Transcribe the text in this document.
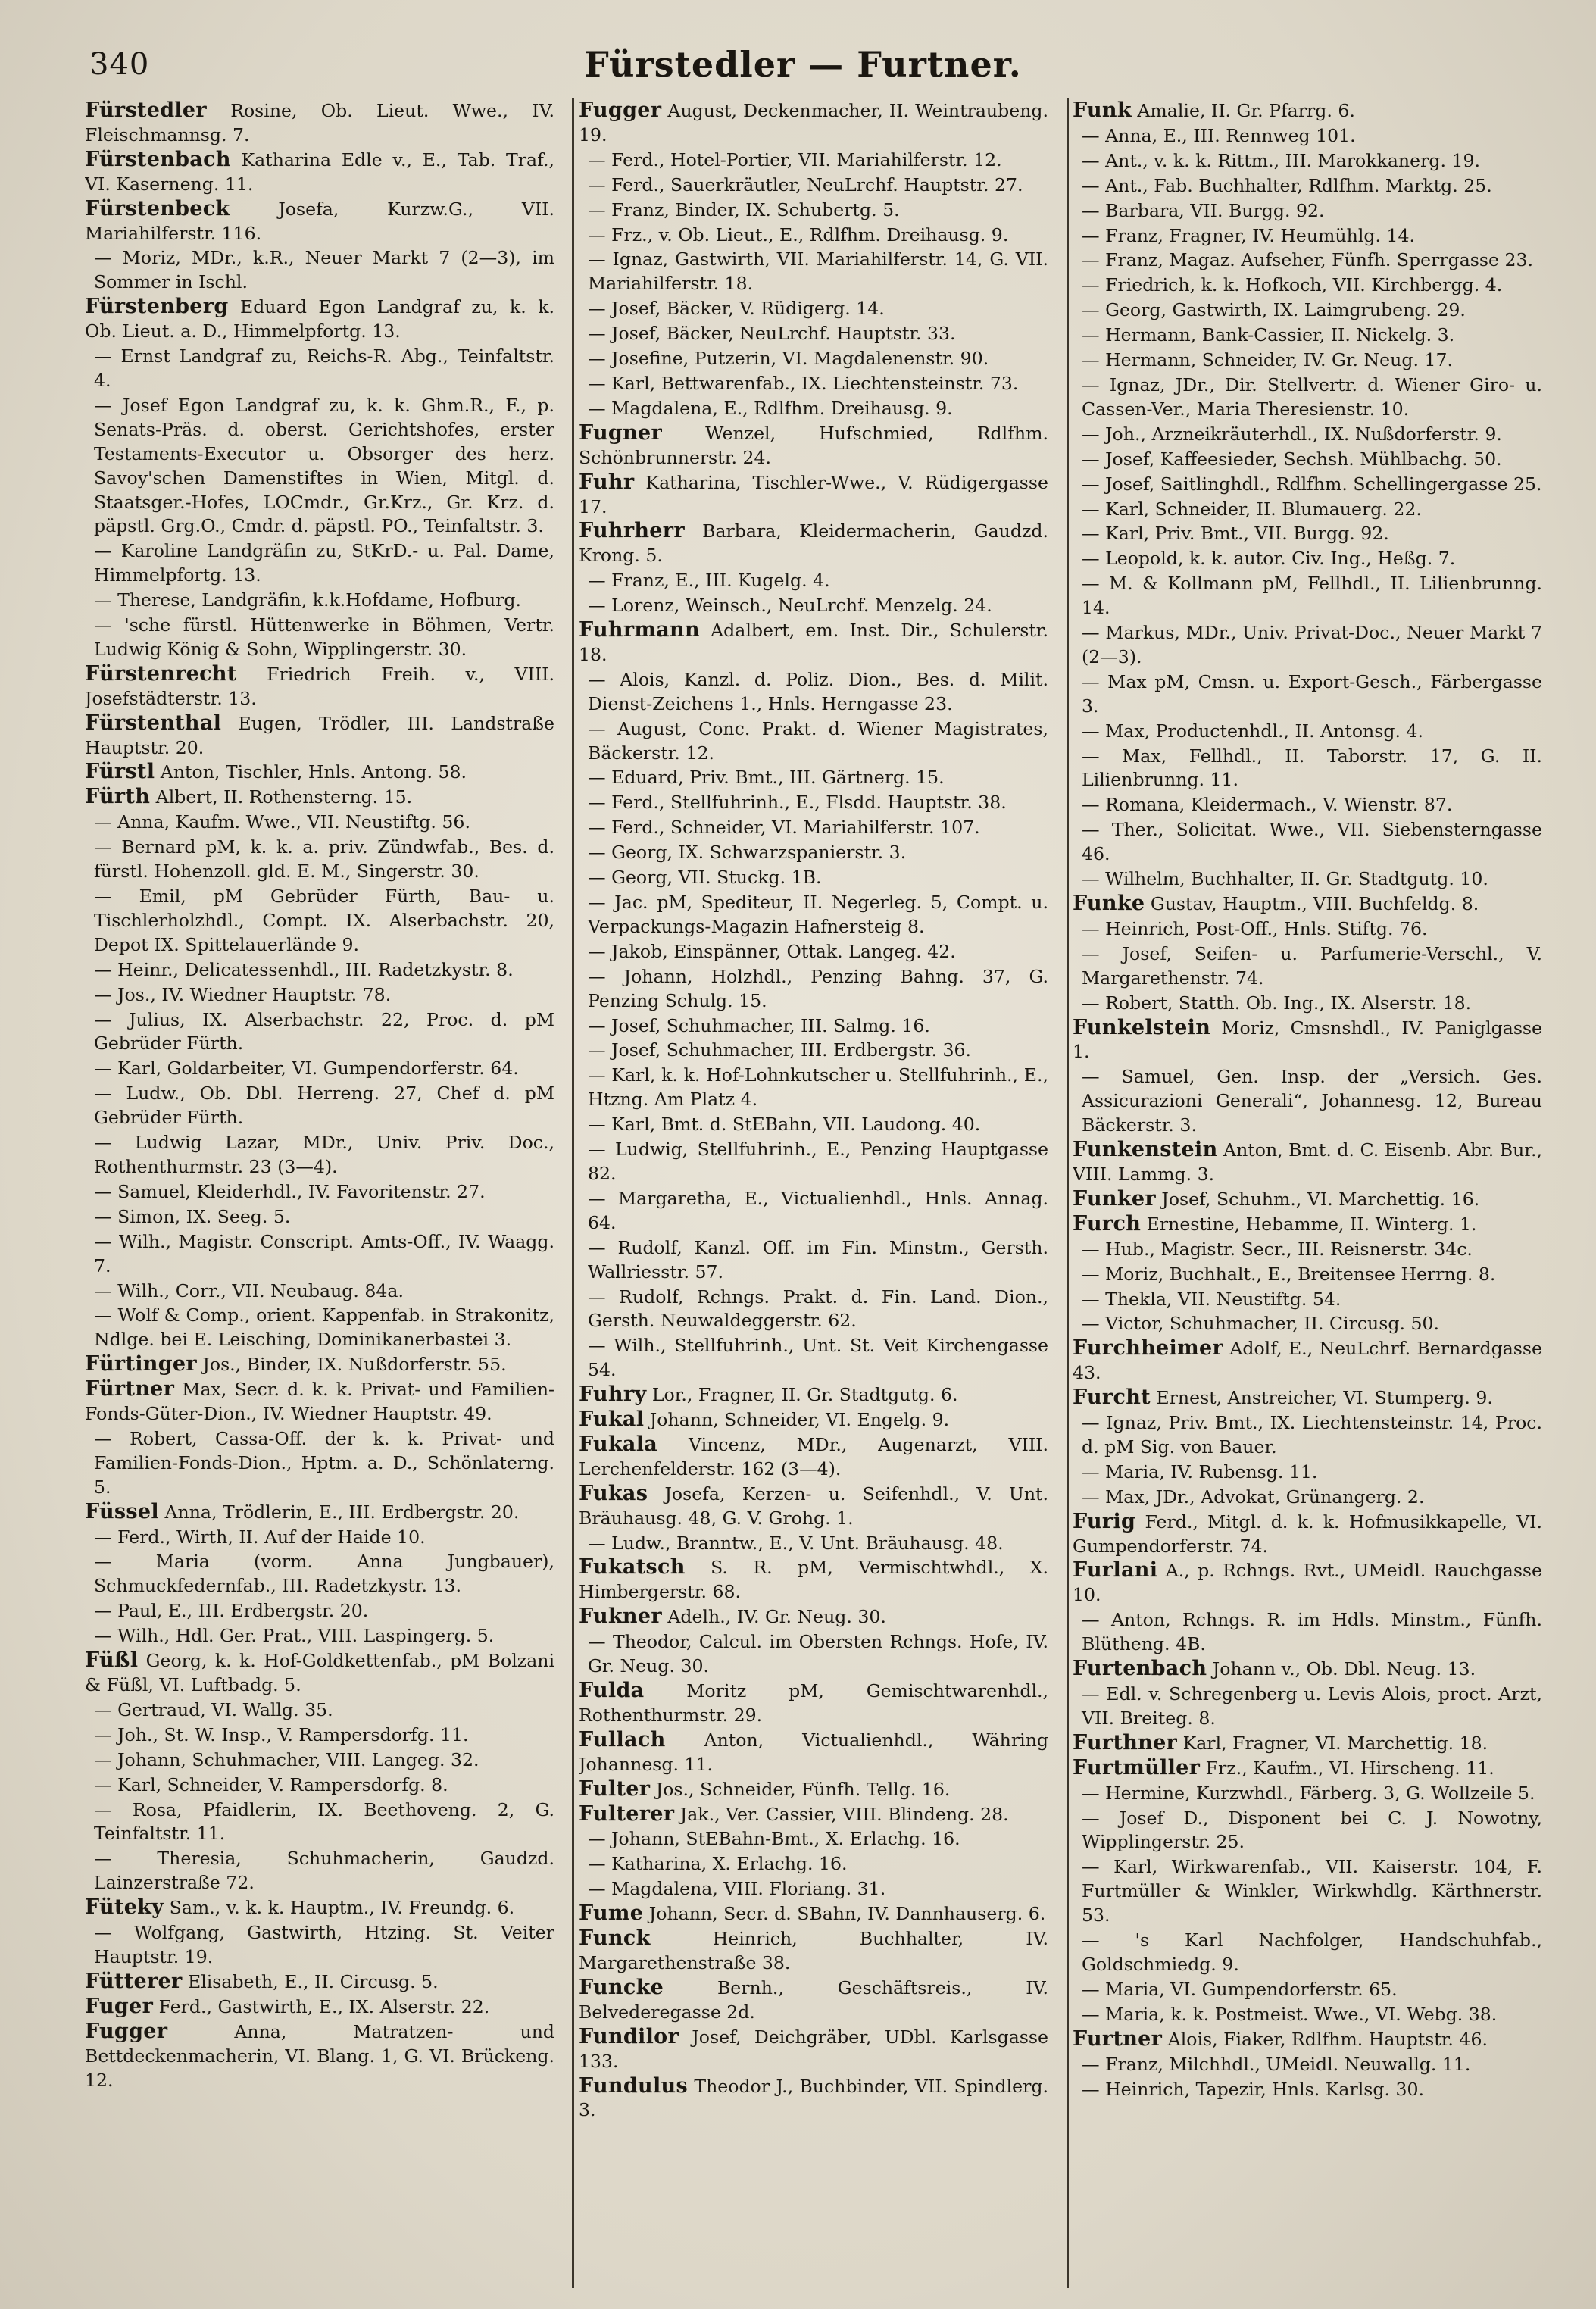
340	Fürstedler — Furtner.
Fürstedler Rosine, Ob. Lieut. Wwe., IV. Fleischmannsg. 7.
Fürstenbach Katharina Edle v., E., Tab. Traf., VI. Kaserneng. 11.
Fürstenbeck Josefa, Kurzw.G., VII. Mariahilferstr. 116.
— Moriz, MDr., k.R., Neuer Markt 7 (2—3), im Sommer in Ischl.
Fürstenberg Eduard Egon Landgraf zu, k. k. Ob. Lieut. a. D., Himmelpfortg. 13.
— Ernst Landgraf zu, Reichs-R. Abg., Teinfaltstr. 4.
— Josef Egon Landgraf zu, k. k. Ghm.R., F., p. Senats-Präs. d. oberst. Gerichtshofes, erster Testaments-Executor u. Obsorger des herz. Savoy'schen Damenstiftes in Wien, Mitgl. d. Staatsger.-Hofes, LOCmdr., Gr.Krz., Gr. Krz. d. päpstl. Grg.O., Cmdr. d. päpstl. PO., Teinfaltstr. 3.
— Karoline Landgräfin zu, StKrD.- u. Pal. Dame, Himmelpfortg. 13.
— Therese, Landgräfin, k.k.Hofdame, Hofburg.
— 'sche fürstl. Hüttenwerke in Böhmen, Vertr. Ludwig König & Sohn, Wipplingerstr. 30.
Fürstenrecht Friedrich Freih. v., VIII. Josefstädterstr. 13.
Fürstenthal Eugen, Trödler, III. Landstraße Hauptstr. 20.
Fürstl Anton, Tischler, Hnls. Antong. 58.
Fürth Albert, II. Rothensterng. 15.
— Anna, Kaufm. Wwe., VII. Neustiftg. 56.
— Bernard pM, k. k. a. priv. Zündwfab., Bes. d. fürstl. Hohenzoll. gld. E. M., Singerstr. 30.
— Emil, pM Gebrüder Fürth, Bau- u. Tischlerholzhdl., Compt. IX. Alserbachstr. 20, Depot IX. Spittelauerlände 9.
— Heinr., Delicatessenhdl., III. Radetzkystr. 8.
— Jos., IV. Wiedner Hauptstr. 78.
— Julius, IX. Alserbachstr. 22, Proc. d. pM Gebrüder Fürth.
— Karl, Goldarbeiter, VI. Gumpendorferstr. 64.
— Ludw., Ob. Dbl. Herreng. 27, Chef d. pM Gebrüder Fürth.
— Ludwig Lazar, MDr., Univ. Priv. Doc., Rothenthurmstr. 23 (3—4).
— Samuel, Kleiderhdl., IV. Favoritenstr. 27.
— Simon, IX. Seeg. 5.
— Wilh., Magistr. Conscript. Amts-Off., IV. Waagg. 7.
— Wilh., Corr., VII. Neubaug. 84a.
— Wolf & Comp., orient. Kappenfab. in Strakonitz, Ndlge. bei E. Leisching, Dominikanerbastei 3.
Fürtinger Jos., Binder, IX. Nußdorferstr. 55.
Fürtner Max, Secr. d. k. k. Privat- und Familien-Fonds-Güter-Dion., IV. Wiedner Hauptstr. 49.
— Robert, Cassa-Off. der k. k. Privat- und Familien-Fonds-Dion., Hptm. a. D., Schönlaterng. 5.
Füssel Anna, Trödlerin, E., III. Erdbergstr. 20.
— Ferd., Wirth, II. Auf der Haide 10.
— Maria (vorm. Anna Jungbauer), Schmuckfedernfab., III. Radetzkystr. 13.
— Paul, E., III. Erdbergstr. 20.
— Wilh., Hdl. Ger. Prat., VIII. Laspingerg. 5.
Füßl Georg, k. k. Hof-Goldkettenfab., pM Bolzani & Füßl, VI. Luftbadg. 5.
— Gertraud, VI. Wallg. 35.
— Joh., St. W. Insp., V. Rampersdorfg. 11.
— Johann, Schuhmacher, VIII. Langeg. 32.
— Karl, Schneider, V. Rampersdorfg. 8.
— Rosa, Pfaidlerin, IX. Beethoveng. 2, G. Teinfaltstr. 11.
— Theresia, Schuhmacherin, Gaudzd. Lainzerstraße 72.
Füteky Sam., v. k. k. Hauptm., IV. Freundg. 6.
— Wolfgang, Gastwirth, Htzing. St. Veiter Hauptstr. 19.
Fütterer Elisabeth, E., II. Circusg. 5.
Fuger Ferd., Gastwirth, E., IX. Alserstr. 22.
Fugger Anna, Matratzen- und Bettdeckenmacherin, VI. Blang. 1, G. VI. Brückeng. 12.
Fugger August, Deckenmacher, II. Weintraubeng. 19.
— Ferd., Hotel-Portier, VII. Mariahilferstr. 12.
— Ferd., Sauerkräutler, NeuLrchf. Hauptstr. 27.
— Franz, Binder, IX. Schubertg. 5.
— Frz., v. Ob. Lieut., E., Rdlfhm. Dreihausg. 9.
— Ignaz, Gastwirth, VII. Mariahilferstr. 14, G. VII. Mariahilferstr. 18.
— Josef, Bäcker, V. Rüdigerg. 14.
— Josef, Bäcker, NeuLrchf. Hauptstr. 33.
— Josefine, Putzerin, VI. Magdalenenstr. 90.
— Karl, Bettwarenfab., IX. Liechtensteinstr. 73.
— Magdalena, E., Rdlfhm. Dreihausg. 9.
Fugner Wenzel, Hufschmied, Rdlfhm. Schönbrunnerstr. 24.
Fuhr Katharina, Tischler-Wwe., V. Rüdigergasse 17.
Fuhrherr Barbara, Kleidermacherin, Gaudzd. Krong. 5.
— Franz, E., III. Kugelg. 4.
— Lorenz, Weinsch., NeuLrchf. Menzelg. 24.
Fuhrmann Adalbert, em. Inst. Dir., Schulerstr. 18.
— Alois, Kanzl. d. Poliz. Dion., Bes. d. Milit. Dienst-Zeichens 1., Hnls. Herngasse 23.
— August, Conc. Prakt. d. Wiener Magistrates, Bäckerstr. 12.
— Eduard, Priv. Bmt., III. Gärtnerg. 15.
— Ferd., Stellfuhrinh., E., Flsdd. Hauptstr. 38.
— Ferd., Schneider, VI. Mariahilferstr. 107.
— Georg, IX. Schwarzspanierstr. 3.
— Georg, VII. Stuckg. 1B.
— Jac. pM, Spediteur, II. Negerleg. 5, Compt. u. Verpackungs-Magazin Hafnersteig 8.
— Jakob, Einspänner, Ottak. Langeg. 42.
— Johann, Holzhdl., Penzing Bahng. 37, G. Penzing Schulg. 15.
— Josef, Schuhmacher, III. Salmg. 16.
— Josef, Schuhmacher, III. Erdbergstr. 36.
— Karl, k. k. Hof-Lohnkutscher u. Stellfuhrinh., E., Htzng. Am Platz 4.
— Karl, Bmt. d. StEBahn, VII. Laudong. 40.
— Ludwig, Stellfuhrinh., E., Penzing Hauptgasse 82.
— Margaretha, E., Victualienhdl., Hnls. Annag. 64.
— Rudolf, Kanzl. Off. im Fin. Minstm., Gersth. Wallriesstr. 57.
— Rudolf, Rchngs. Prakt. d. Fin. Land. Dion., Gersth. Neuwaldeggerstr. 62.
— Wilh., Stellfuhrinh., Unt. St. Veit Kirchengasse 54.
Fuhry Lor., Fragner, II. Gr. Stadtgutg. 6.
Fukal Johann, Schneider, VI. Engelg. 9.
Fukala Vincenz, MDr., Augenarzt, VIII. Lerchenfelderstr. 162 (3—4).
Fukas Josefa, Kerzen- u. Seifenhdl., V. Unt. Bräuhausg. 48, G. V. Grohg. 1.
— Ludw., Branntw., E., V. Unt. Bräuhausg. 48.
Fukatsch S. R. pM, Vermischtwhdl., X. Himbergerstr. 68.
Fukner Adelh., IV. Gr. Neug. 30.
— Theodor, Calcul. im Obersten Rchngs. Hofe, IV. Gr. Neug. 30.
Fulda Moritz pM, Gemischtwarenhdl., Rothenthurmstr. 29.
Fullach Anton, Victualienhdl., Währing Johannesg. 11.
Fulter Jos., Schneider, Fünfh. Tellg. 16.
Fulterer Jak., Ver. Cassier, VIII. Blindeng. 28.
— Johann, StEBahn-Bmt., X. Erlachg. 16.
— Katharina, X. Erlachg. 16.
— Magdalena, VIII. Floriang. 31.
Fume Johann, Secr. d. SBahn, IV. Dannhauserg. 6.
Funck Heinrich, Buchhalter, IV. Margarethenstraße 38.
Funcke Bernh., Geschäftsreis., IV. Belvederegasse 2d.
Fundilor Josef, Deichgräber, UDbl. Karlsgasse 133.
Fundulus Theodor J., Buchbinder, VII. Spindlerg. 3.
Funk Amalie, II. Gr. Pfarrg. 6.
— Anna, E., III. Rennweg 101.
— Ant., v. k. k. Rittm., III. Marokkanerg. 19.
— Ant., Fab. Buchhalter, Rdlfhm. Marktg. 25.
— Barbara, VII. Burgg. 92.
— Franz, Fragner, IV. Heumühlg. 14.
— Franz, Magaz. Aufseher, Fünfh. Sperrgasse 23.
— Friedrich, k. k. Hofkoch, VII. Kirchbergg. 4.
— Georg, Gastwirth, IX. Laimgrubeng. 29.
— Hermann, Bank-Cassier, II. Nickelg. 3.
— Hermann, Schneider, IV. Gr. Neug. 17.
— Ignaz, JDr., Dir. Stellvertr. d. Wiener Giro- u. Cassen-Ver., Maria Theresienstr. 10.
— Joh., Arzneikräuterhdl., IX. Nußdorferstr. 9.
— Josef, Kaffeesieder, Sechsh. Mühlbachg. 50.
— Josef, Saitlinghdl., Rdlfhm. Schellingergasse 25.
— Karl, Schneider, II. Blumauerg. 22.
— Karl, Priv. Bmt., VII. Burgg. 92.
— Leopold, k. k. autor. Civ. Ing., Heßg. 7.
— M. & Kollmann pM, Fellhdl., II. Lilienbrunng. 14.
— Markus, MDr., Univ. Privat-Doc., Neuer Markt 7 (2—3).
— Max pM, Cmsn. u. Export-Gesch., Färbergasse 3.
— Max, Productenhdl., II. Antonsg. 4.
— Max, Fellhdl., II. Taborstr. 17, G. II. Lilienbrunng. 11.
— Romana, Kleidermach., V. Wienstr. 87.
— Ther., Solicitat. Wwe., VII. Siebensterngasse 46.
— Wilhelm, Buchhalter, II. Gr. Stadtgutg. 10.
Funke Gustav, Hauptm., VIII. Buchfeldg. 8.
— Heinrich, Post-Off., Hnls. Stiftg. 76.
— Josef, Seifen- u. Parfumerie-Verschl., V. Margarethenstr. 74.
— Robert, Statth. Ob. Ing., IX. Alserstr. 18.
Funkelstein Moriz, Cmsnshdl., IV. Paniglgasse 1.
— Samuel, Gen. Insp. der „Versich. Ges. Assicurazioni Generali“, Johannesg. 12, Bureau Bäckerstr. 3.
Funkenstein Anton, Bmt. d. C. Eisenb. Abr. Bur., VIII. Lammg. 3.
Funker Josef, Schuhm., VI. Marchettig. 16.
Furch Ernestine, Hebamme, II. Winterg. 1.
— Hub., Magistr. Secr., III. Reisnerstr. 34c.
— Moriz, Buchhalt., E., Breitensee Herrng. 8.
— Thekla, VII. Neustiftg. 54.
— Victor, Schuhmacher, II. Circusg. 50.
Furchheimer Adolf, E., NeuLchrf. Bernardgasse 43.
Furcht Ernest, Anstreicher, VI. Stumperg. 9.
— Ignaz, Priv. Bmt., IX. Liechtensteinstr. 14, Proc. d. pM Sig. von Bauer.
— Maria, IV. Rubensg. 11.
— Max, JDr., Advokat, Grünangerg. 2.
Furig Ferd., Mitgl. d. k. k. Hofmusikkapelle, VI. Gumpendorferstr. 74.
Furlani A., p. Rchngs. Rvt., UMeidl. Rauchgasse 10.
— Anton, Rchngs. R. im Hdls. Minstm., Fünfh. Blütheng. 4B.
Furtenbach Johann v., Ob. Dbl. Neug. 13.
— Edl. v. Schregenberg u. Levis Alois, proct. Arzt, VII. Breiteg. 8.
Furthner Karl, Fragner, VI. Marchettig. 18.
Furtmüller Frz., Kaufm., VI. Hirscheng. 11.
— Hermine, Kurzwhdl., Färberg. 3, G. Wollzeile 5.
— Josef D., Disponent bei C. J. Nowotny, Wipplingerstr. 25.
— Karl, Wirkwarenfab., VII. Kaiserstr. 104, F. Furtmüller & Winkler, Wirkwhdlg. Kärthnerstr. 53.
— 's Karl Nachfolger, Handschuhfab., Goldschmiedg. 9.
— Maria, VI. Gumpendorferstr. 65.
— Maria, k. k. Postmeist. Wwe., VI. Webg. 38.
Furtner Alois, Fiaker, Rdlfhm. Hauptstr. 46.
— Franz, Milchhdl., UMeidl. Neuwallg. 11.
— Heinrich, Tapezir, Hnls. Karlsg. 30.
